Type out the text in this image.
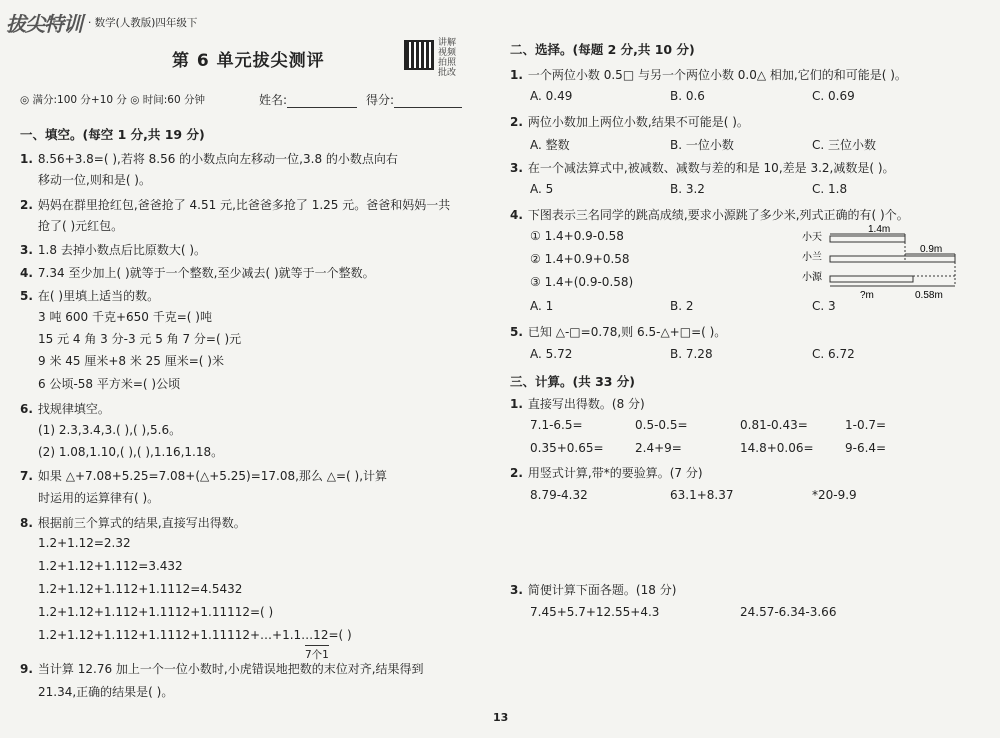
拔尖特训 · 数学(人教版)四年级下
第 6 单元拔尖测评
讲解视频 拍照批改
◎ 满分:100 分+10 分 ◎ 时间:60 分钟	姓名:	得分:
一、填空。(每空 1 分,共 19 分)
1. 8.56+3.8=( ),若将 8.56 的小数点向左移动一位,3.8 的小数点向右
移动一位,则和是( )。
2. 妈妈在群里抢红包,爸爸抢了 4.51 元,比爸爸多抢了 1.25 元。爸爸和妈妈一共
抢了( )元红包。
3. 1.8 去掉小数点后比原数大( )。
4. 7.34 至少加上( )就等于一个整数,至少减去( )就等于一个整数。
5. 在( )里填上适当的数。
3 吨 600 千克+650 千克=( )吨
15 元 4 角 3 分-3 元 5 角 7 分=( )元
9 米 45 厘米+8 米 25 厘米=( )米
6 公顷-58 平方米=( )公顷
6. 找规律填空。
(1) 2.3,3.4,3.( ),( ),5.6。
(2) 1.08,1.10,( ),( ),1.16,1.18。
7. 如果 △+7.08+5.25=7.08+(△+5.25)=17.08,那么 △=( ),计算
时运用的运算律有( )。
8. 根据前三个算式的结果,直接写出得数。
1.2+1.12=2.32
1.2+1.12+1.112=3.432
1.2+1.12+1.112+1.1112=4.5432
1.2+1.12+1.112+1.1112+1.11112=( )
1.2+1.12+1.112+1.1112+1.11112+…+1.1…12=( )
7个1
9. 当计算 12.76 加上一个一位小数时,小虎错误地把数的末位对齐,结果得到
21.34,正确的结果是( )。
二、选择。(每题 2 分,共 10 分)
1. 一个两位小数 0.5□ 与另一个两位小数 0.0△ 相加,它们的和可能是( )。
A. 0.49	B. 0.6	C. 0.69
2. 两位小数加上两位小数,结果不可能是( )。
A. 整数	B. 一位小数	C. 三位小数
3. 在一个减法算式中,被减数、减数与差的和是 10,差是 3.2,减数是( )。
A. 5	B. 3.2	C. 1.8
4. 下图表示三名同学的跳高成绩,要求小源跳了多少米,列式正确的有( )个。
① 1.4+0.9-0.58
② 1.4+0.9+0.58
③ 1.4+(0.9-0.58)
A. 1	B. 2	C. 3
小天
小兰
小源
1.4m
0.9m
?m	0.58m
5. 已知 △-□=0.78,则 6.5-△+□=( )。
A. 5.72	B. 7.28	C. 6.72
三、计算。(共 33 分)
1. 直接写出得数。(8 分)
7.1-6.5=	0.5-0.5=	0.81-0.43=	1-0.7=
0.35+0.65=	2.4+9=	14.8+0.06=	9-6.4=
2. 用竖式计算,带*的要验算。(7 分)
8.79-4.32	63.1+8.37	*20-9.9
3. 简便计算下面各题。(18 分)
7.45+5.7+12.55+4.3	24.57-6.34-3.66
13
